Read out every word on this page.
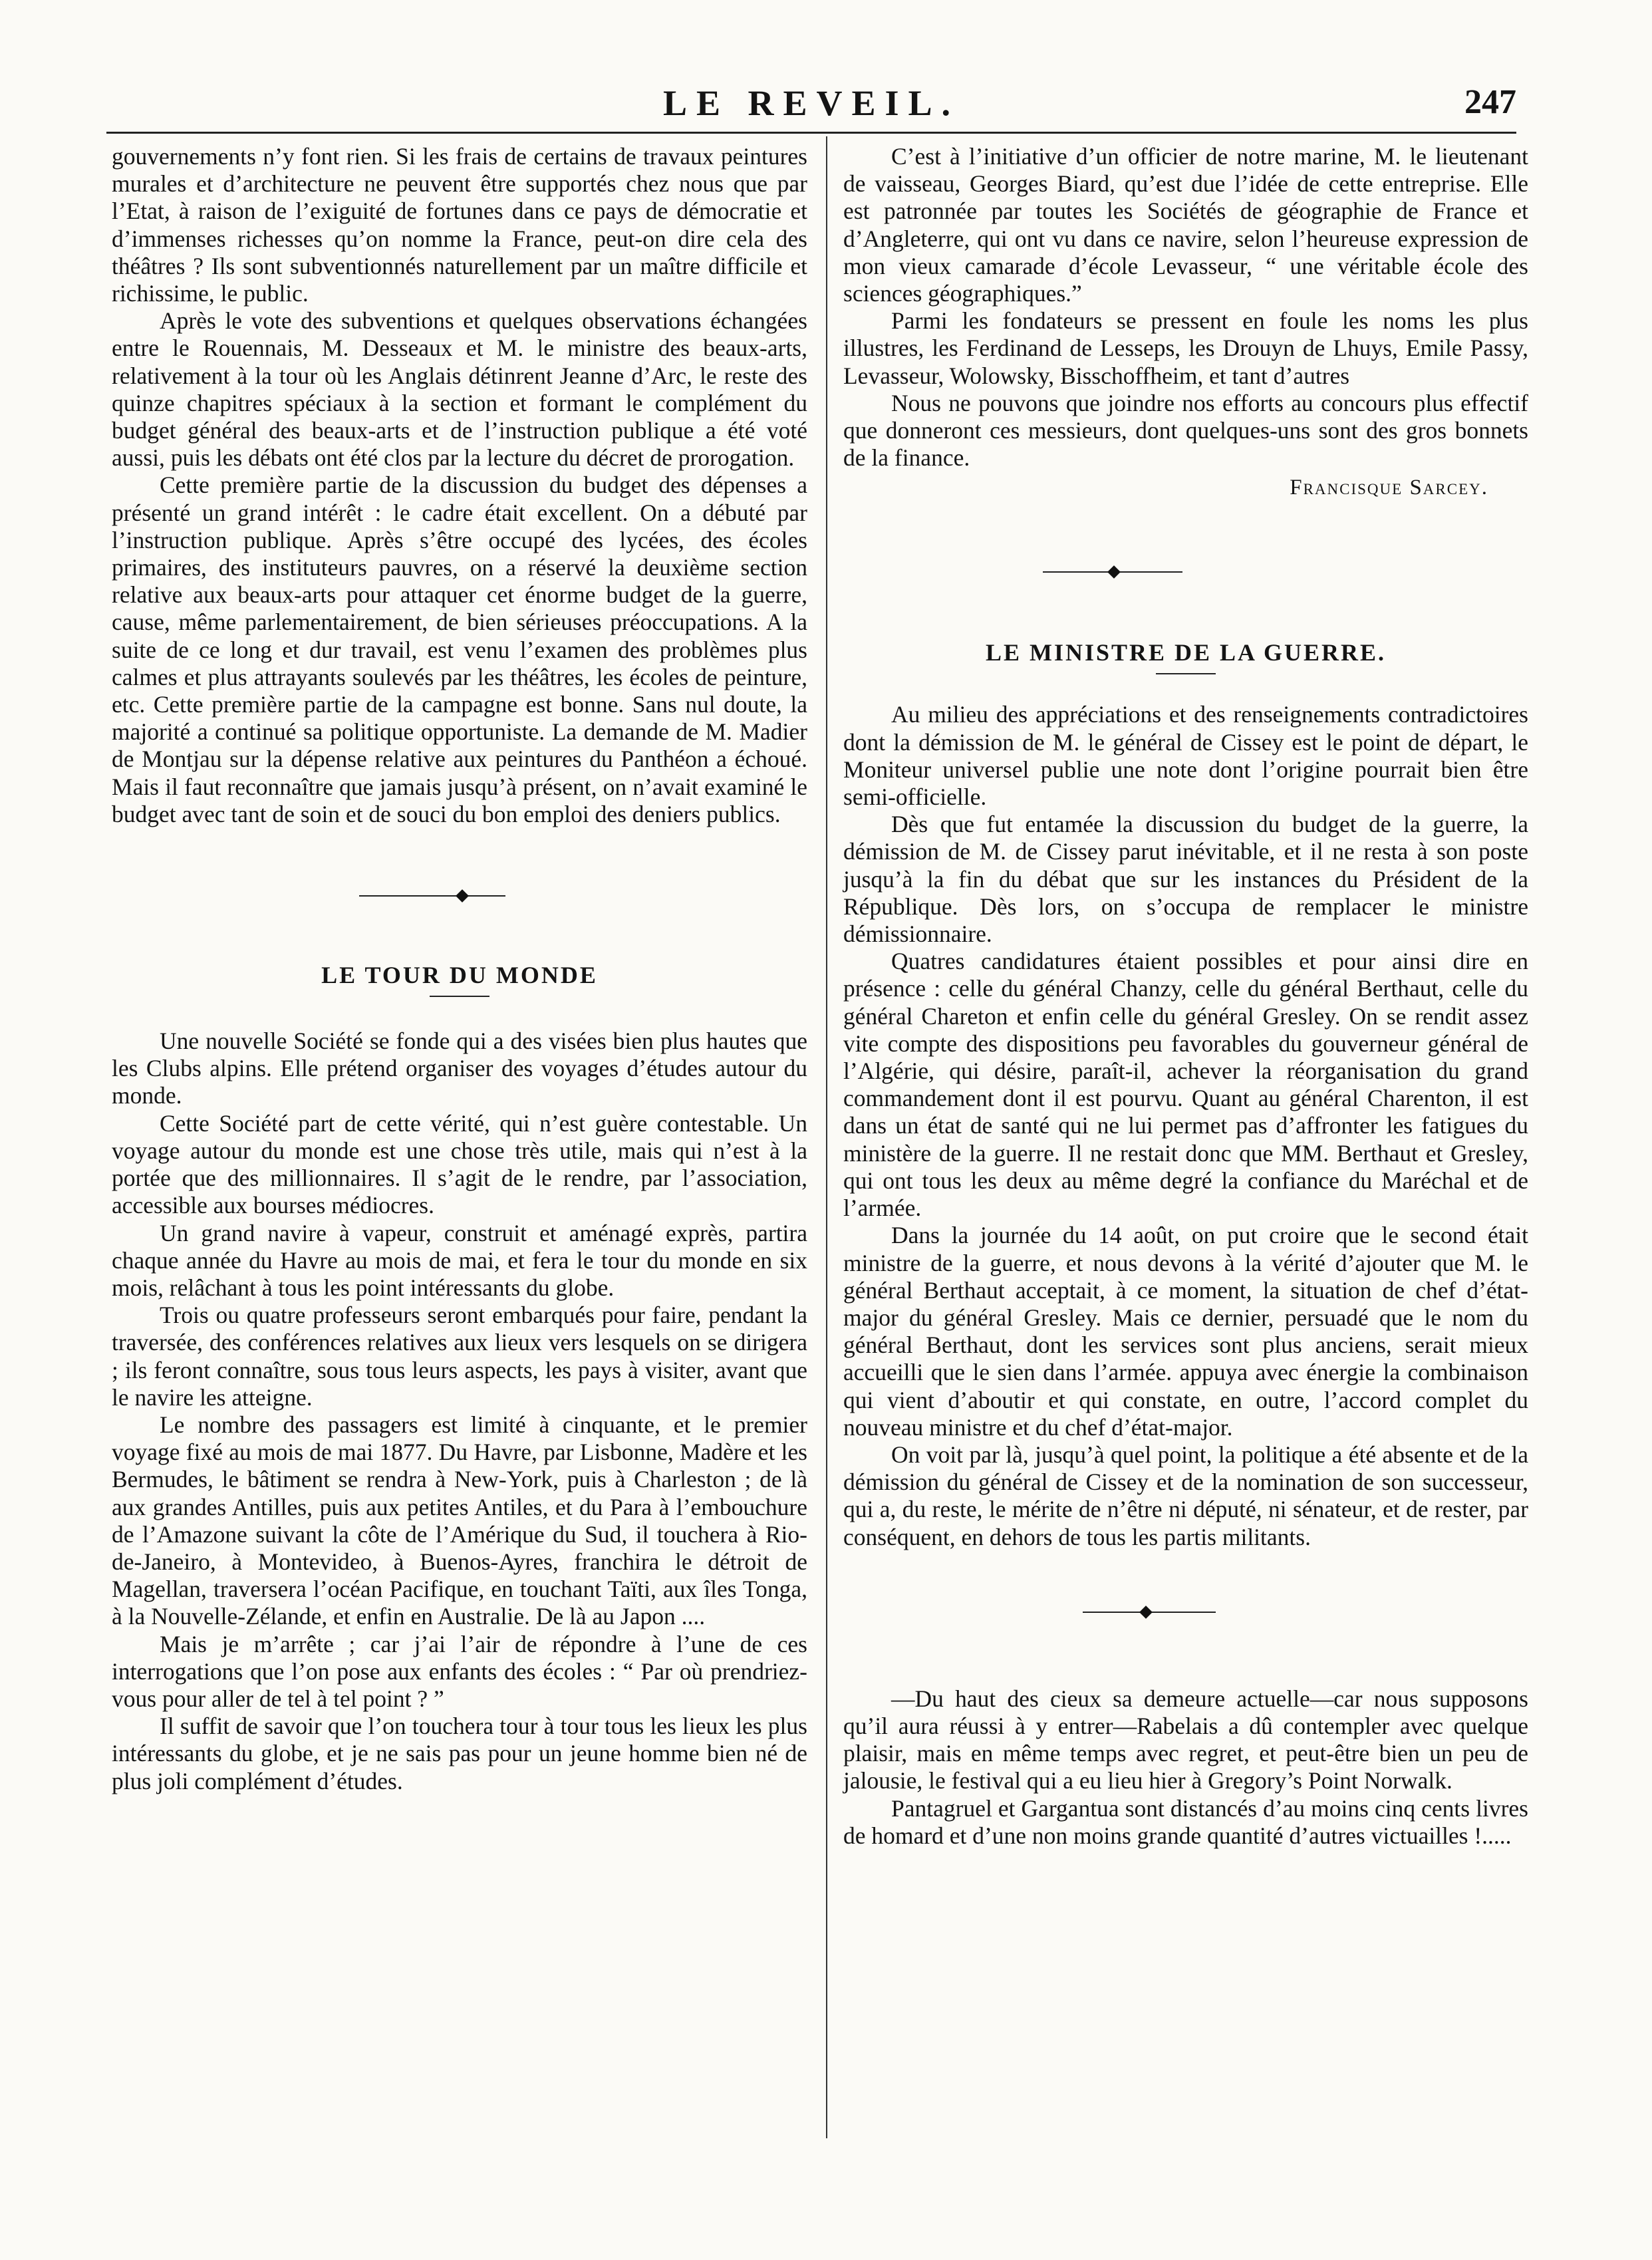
LE REVEIL.	247

gouvernements n’y font rien. Si les frais de certains de travaux peintures murales et d’architecture ne peuvent être supportés chez nous que par l’Etat, à raison de l’exiguité de fortunes dans ce pays de démocratie et d’immenses richesses qu’on nomme la France, peut-on dire cela des théâtres ? Ils sont subventionnés naturellement par un maître difficile et richissime, le public.

Après le vote des subventions et quelques observations échangées entre le Rouennais, M. Desseaux et M. le ministre des beaux-arts, relativement à la tour où les Anglais détinrent Jeanne d’Arc, le reste des quinze chapitres spéciaux à la section et formant le complément du budget général des beaux-arts et de l’instruction publique a été voté aussi, puis les débats ont été clos par la lecture du décret de prorogation.

Cette première partie de la discussion du budget des dépenses a présenté un grand intérêt : le cadre était excellent. On a débuté par l’instruction publique. Après s’être occupé des lycées, des écoles primaires, des instituteurs pauvres, on a réservé la deuxième section relative aux beaux-arts pour attaquer cet énorme budget de la guerre, cause, même parlementairement, de bien sérieuses préoccupations. A la suite de ce long et dur travail, est venu l’examen des problèmes plus calmes et plus attrayants soulevés par les théâtres, les écoles de peinture, etc. Cette première partie de la campagne est bonne. Sans nul doute, la majorité a continué sa politique opportuniste. La demande de M. Madier de Montjau sur la dépense relative aux peintures du Panthéon a échoué. Mais il faut reconnaître que jamais jusqu’à présent, on n’avait examiné le budget avec tant de soin et de souci du bon emploi des deniers publics.

LE TOUR DU MONDE

Une nouvelle Société se fonde qui a des visées bien plus hautes que les Clubs alpins. Elle prétend organiser des voyages d’études autour du monde.

Cette Société part de cette vérité, qui n’est guère contestable. Un voyage autour du monde est une chose très utile, mais qui n’est à la portée que des millionnaires. Il s’agit de le rendre, par l’association, accessible aux bourses médiocres.

Un grand navire à vapeur, construit et aménagé exprès, partira chaque année du Havre au mois de mai, et fera le tour du monde en six mois, relâchant à tous les point intéressants du globe.

Trois ou quatre professeurs seront embarqués pour faire, pendant la traversée, des conférences relatives aux lieux vers lesquels on se dirigera ; ils feront connaître, sous tous leurs aspects, les pays à visiter, avant que le navire les atteigne.

Le nombre des passagers est limité à cinquante, et le premier voyage fixé au mois de mai 1877. Du Havre, par Lisbonne, Madère et les Bermudes, le bâtiment se rendra à New-York, puis à Charleston ; de là aux grandes Antilles, puis aux petites Antiles, et du Para à l’embouchure de l’Amazone suivant la côte de l’Amérique du Sud, il touchera à Rio-de-Janeiro, à Montevideo, à Buenos-Ayres, franchira le détroit de Magellan, traversera l’océan Pacifique, en touchant Taïti, aux îles Tonga, à la Nouvelle-Zélande, et enfin en Australie. De là au Japon ....

Mais je m’arrête ; car j’ai l’air de répondre à l’une de ces interrogations que l’on pose aux enfants des écoles : “ Par où prendriez-vous pour aller de tel à tel point ? ”

Il suffit de savoir que l’on touchera tour à tour tous les lieux les plus intéressants du globe, et je ne sais pas pour un jeune homme bien né de plus joli complément d’études.

C’est à l’initiative d’un officier de notre marine, M. le lieutenant de vaisseau, Georges Biard, qu’est due l’idée de cette entreprise. Elle est patronnée par toutes les Sociétés de géographie de France et d’Angleterre, qui ont vu dans ce navire, selon l’heureuse expression de mon vieux camarade d’école Levasseur, “ une véritable école des sciences géographiques.”

Parmi les fondateurs se pressent en foule les noms les plus illustres, les Ferdinand de Lesseps, les Drouyn de Lhuys, Emile Passy, Levasseur, Wolowsky, Bisschoffheim, et tant d’autres

Nous ne pouvons que joindre nos efforts au concours plus effectif que donneront ces messieurs, dont quelques-uns sont des gros bonnets de la finance.

Francisque Sarcey.
LE MINISTRE DE LA GUERRE.

Au milieu des appréciations et des renseignements contradictoires dont la démission de M. le général de Cissey est le point de départ, le Moniteur universel publie une note dont l’origine pourrait bien être semi-officielle.

Dès que fut entamée la discussion du budget de la guerre, la démission de M. de Cissey parut inévitable, et il ne resta à son poste jusqu’à la fin du débat que sur les instances du Président de la République. Dès lors, on s’occupa de remplacer le ministre démissionnaire.

Quatres candidatures étaient possibles et pour ainsi dire en présence : celle du général Chanzy, celle du général Berthaut, celle du général Chareton et enfin celle du général Gresley. On se rendit assez vite compte des dispositions peu favorables du gouverneur général de l’Algérie, qui désire, paraît-il, achever la réorganisation du grand commandement dont il est pourvu. Quant au général Charenton, il est dans un état de santé qui ne lui permet pas d’affronter les fatigues du ministère de la guerre. Il ne restait donc que MM. Berthaut et Gresley, qui ont tous les deux au même degré la confiance du Maréchal et de l’armée.

Dans la journée du 14 août, on put croire que le second était ministre de la guerre, et nous devons à la vérité d’ajouter que M. le général Berthaut acceptait, à ce moment, la situation de chef d’état-major du général Gresley. Mais ce dernier, persuadé que le nom du général Berthaut, dont les services sont plus anciens, serait mieux accueilli que le sien dans l’armée. appuya avec énergie la combinaison qui vient d’aboutir et qui constate, en outre, l’accord complet du nouveau ministre et du chef d’état-major.

On voit par là, jusqu’à quel point, la politique a été absente et de la démission du général de Cissey et de la nomination de son successeur, qui a, du reste, le mérite de n’être ni député, ni sénateur, et de rester, par conséquent, en dehors de tous les partis militants.

—Du haut des cieux sa demeure actuelle—car nous supposons qu’il aura réussi à y entrer—Rabelais a dû contempler avec quelque plaisir, mais en même temps avec regret, et peut-être bien un peu de jalousie, le festival qui a eu lieu hier à Gregory’s Point Norwalk.

Pantagruel et Gargantua sont distancés d’au moins cinq cents livres de homard et d’une non moins grande quantité d’autres victuailles !.....
